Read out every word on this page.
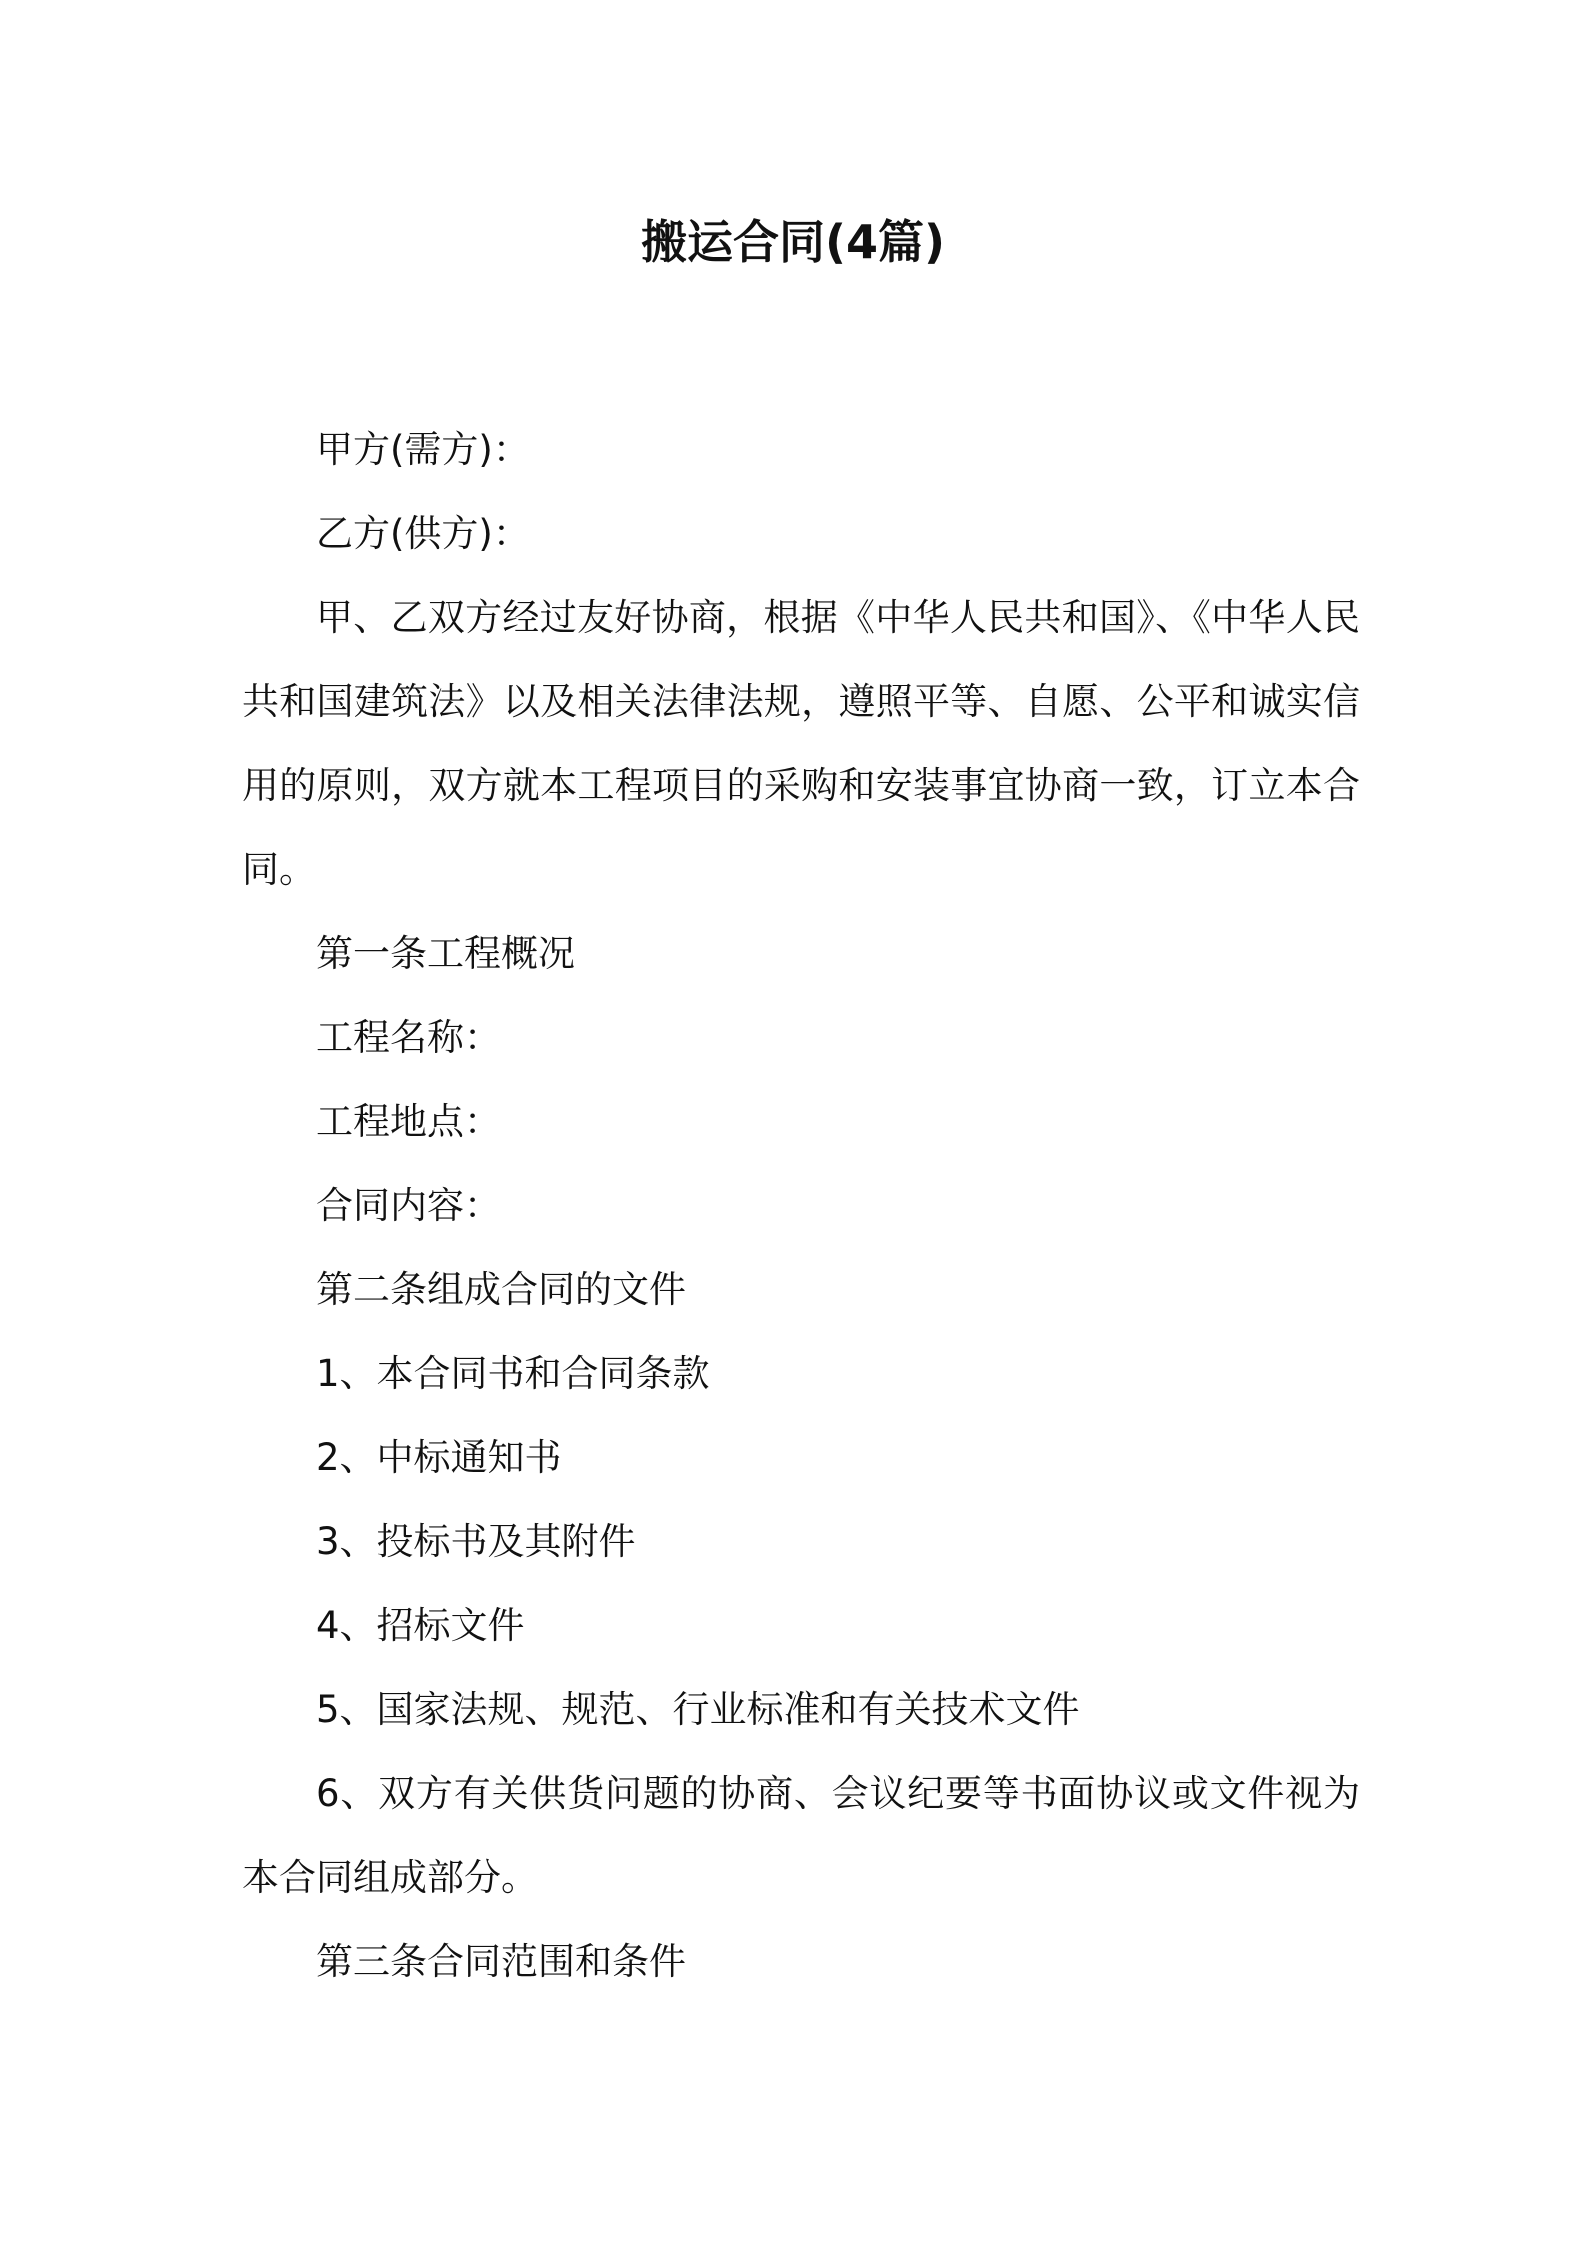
搬运合同(4篇)

甲方(需方)：

乙方(供方)：

甲、乙双方经过友好协商，根据《中华人民共和国》、《中华人民共和国建筑法》以及相关法律法规，遵照平等、自愿、公平和诚实信用的原则，双方就本工程项目的采购和安装事宜协商一致，订立本合同。

第一条工程概况

工程名称：

工程地点：

合同内容：

第二条组成合同的文件

1、本合同书和合同条款

2、中标通知书

3、投标书及其附件

4、招标文件

5、国家法规、规范、行业标准和有关技术文件

6、双方有关供货问题的协商、会议纪要等书面协议或文件视为本合同组成部分。

第三条合同范围和条件
